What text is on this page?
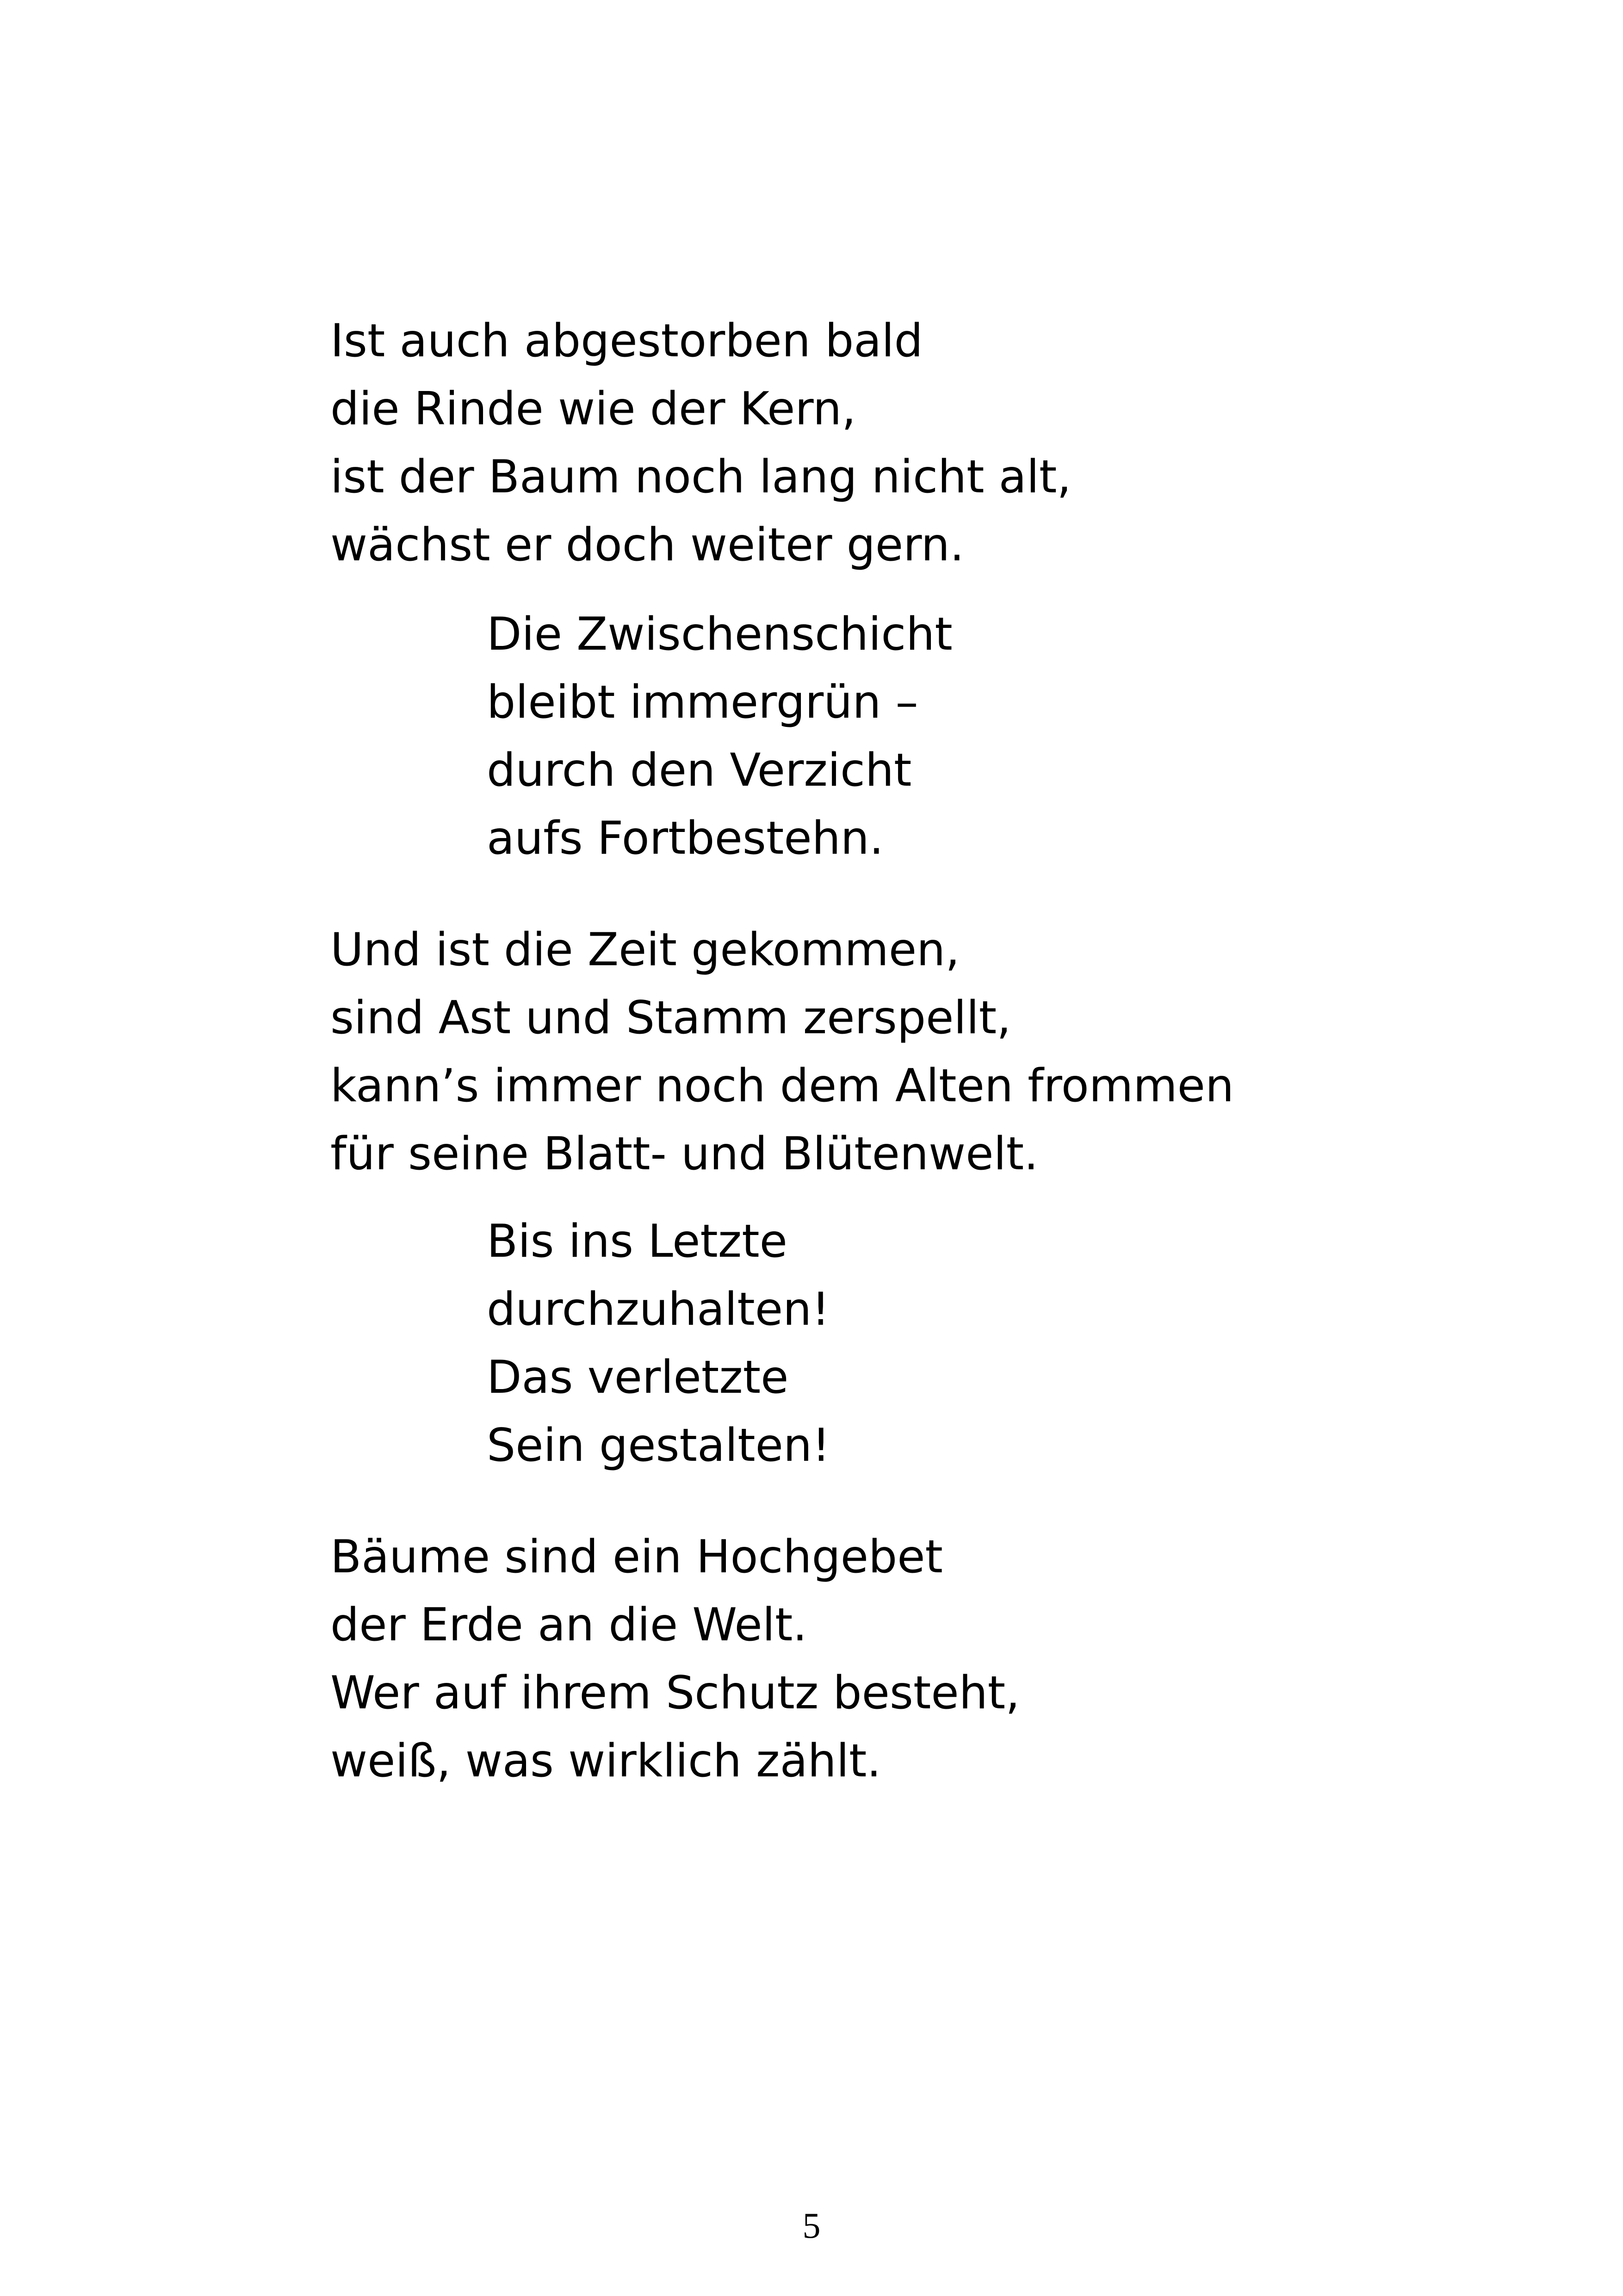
Ist auch abgestorben bald
die Rinde wie der Kern,
ist der Baum noch lang nicht alt,
wächst er doch weiter gern.
Die Zwischenschicht
bleibt immergrün –
durch den Verzicht
aufs Fortbestehn.
Und ist die Zeit gekommen,
sind Ast und Stamm zerspellt,
kann’s immer noch dem Alten frommen
für seine Blatt- und Blütenwelt.
Bis ins Letzte
durchzuhalten!
Das verletzte
Sein gestalten!
Bäume sind ein Hochgebet
der Erde an die Welt.
Wer auf ihrem Schutz besteht,
weiß, was wirklich zählt.
5
